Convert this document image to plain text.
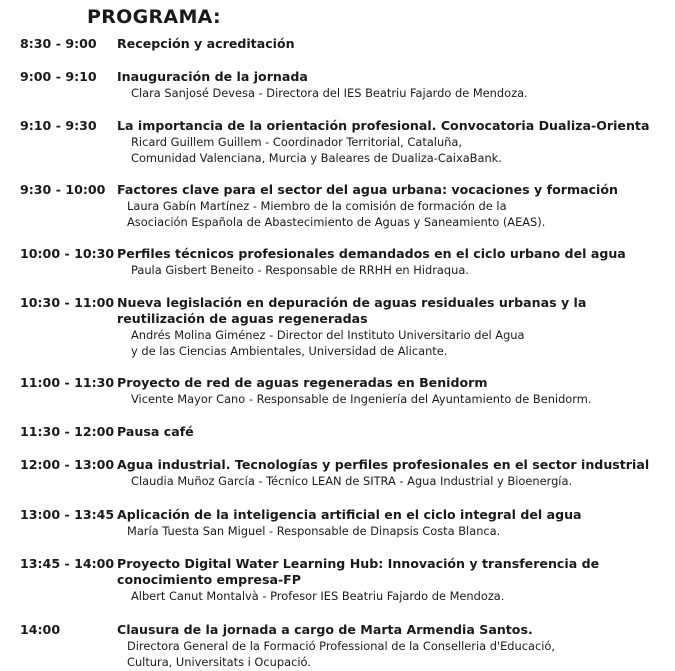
PROGRAMA:
8:30 - 9:00 Recepción y acreditación
9:00 - 9:10 Inauguración de la jornada
Clara Sanjosé Devesa - Directora del IES Beatriu Fajardo de Mendoza.
9:10 - 9:30 La importancia de la orientación profesional. Convocatoria Dualiza-Orienta
Ricard Guillem Guillem - Coordinador Territorial, Cataluña,
Comunidad Valenciana, Murcia y Baleares de Dualiza-CaixaBank.
9:30 - 10:00 Factores clave para el sector del agua urbana: vocaciones y formación
Laura Gabín Martínez - Miembro de la comisión de formación de la
Asociación Española de Abastecimiento de Aguas y Saneamiento (AEAS).
10:00 - 10:30 Perfiles técnicos profesionales demandados en el ciclo urbano del agua
Paula Gisbert Beneito - Responsable de RRHH en Hidraqua.
10:30 - 11:00 Nueva legislación en depuración de aguas residuales urbanas y la reutilización de aguas regeneradas
Andrés Molina Giménez - Director del Instituto Universitario del Agua
y de las Ciencias Ambientales, Universidad de Alicante.
11:00 - 11:30 Proyecto de red de aguas regeneradas en Benidorm
Vicente Mayor Cano - Responsable de Ingeniería del Ayuntamiento de Benidorm.
11:30 - 12:00 Pausa café
12:00 - 13:00 Agua industrial. Tecnologías y perfiles profesionales en el sector industrial
Claudia Muñoz García - Técnico LEAN de SITRA - Agua Industrial y Bioenergía.
13:00 - 13:45 Aplicación de la inteligencia artificial en el ciclo integral del agua
María Tuesta San Miguel - Responsable de Dinapsis Costa Blanca.
13:45 - 14:00 Proyecto Digital Water Learning Hub: Innovación y transferencia de conocimiento empresa-FP
Albert Canut Montalvà - Profesor IES Beatriu Fajardo de Mendoza.
14:00	Clausura de la jornada a cargo de Marta Armendia Santos.
Directora General de la Formació Professional de la Conselleria d'Educació,
Cultura, Universitats i Ocupació.
